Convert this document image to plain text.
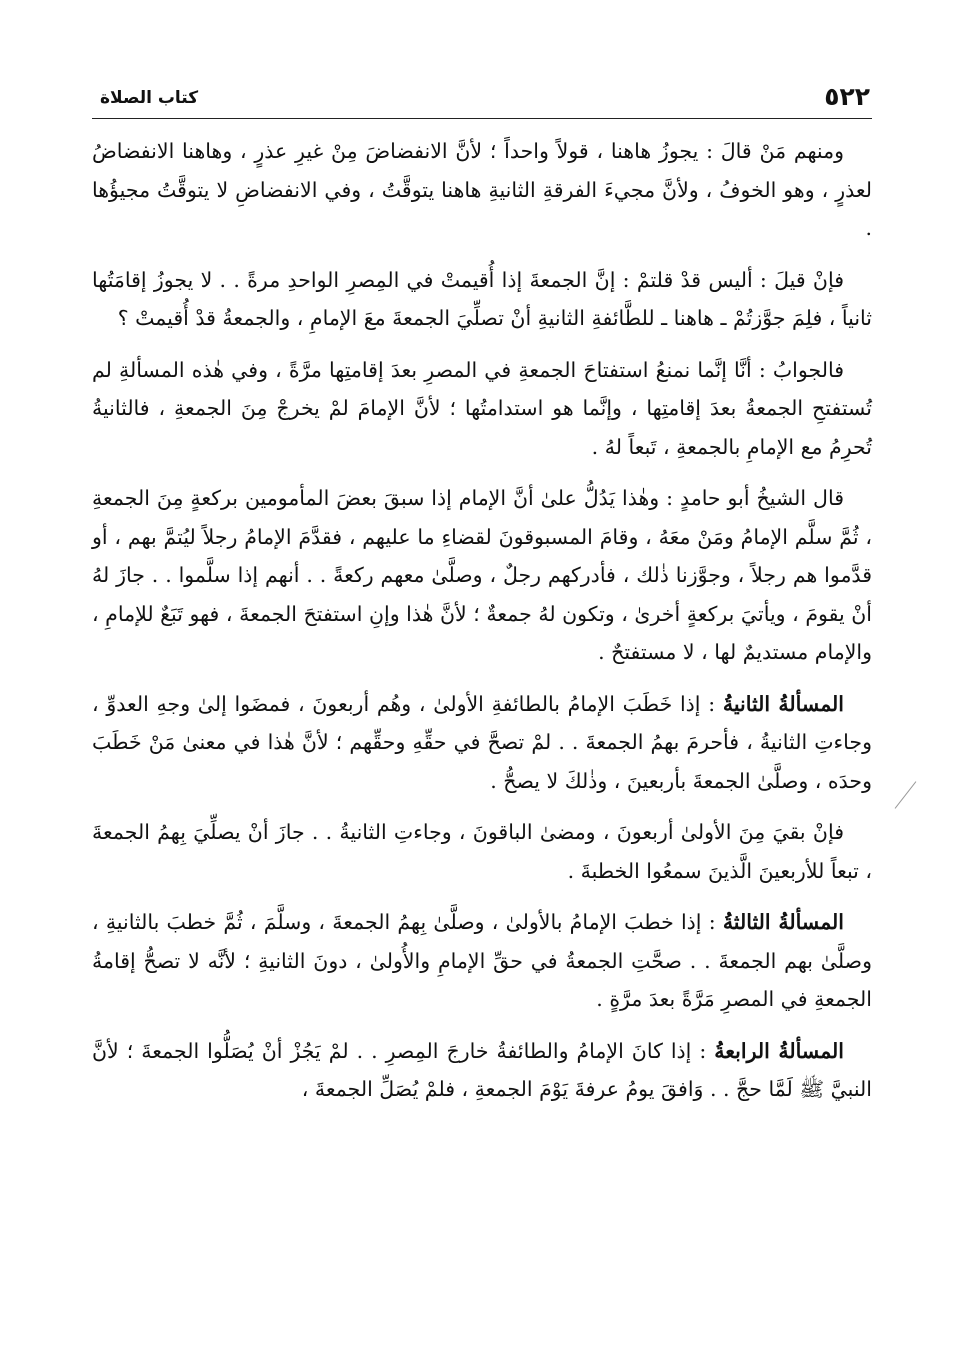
٥٢٢
كتاب الصلاة

ومنهم مَنْ قالَ : يجوزُ هاهنا ، قولاً واحداً ؛ لأنَّ الانفضاضَ مِنْ غيرِ عذرٍ ، وهاهنا الانفضاضُ لعذرٍ ، وهو الخوفُ ، ولأنَّ مجيءَ الفرقةِ الثانيةِ هاهنا يتوقَّتُ ، وفي الانفضاضِ لا يتوقَّتُ مجيؤُها .

فإنْ قيلَ : أليس قدْ قلتمْ : إنَّ الجمعةَ إذا أُقيمتْ في المِصرِ الواحدِ مرةً . . لا يجوزُ إقامَتُها ثانياً ، فلِمَ جوَّزتُمْ ـ هاهنا ـ للطَّائفةِ الثانيةِ أنْ تصلِّيَ الجمعةَ معَ الإمامِ ، والجمعةُ قدْ أُقيمتْ ؟

فالجوابُ : أنَّا إنَّما نمنعُ استفتاحَ الجمعةِ في المصرِ بعدَ إقامتِها مرَّةً ، وفي هٰذه المسألةِ لم تُستفتحِ الجمعةُ بعدَ إقامتِها ، وإنَّما هو استدامتُها ؛ لأنَّ الإمامَ لمْ يخرجْ مِنَ الجمعةِ ، فالثانيةُ تُحرِمُ مع الإمامِ بالجمعةِ ، تَبعاً لهُ .

قال الشيخُ أبو حامدٍ : وهٰذا يَدُلُّ علىٰ أنَّ الإمام إذا سبقَ بعضَ المأمومين بركعةٍ مِنَ الجمعةِ ، ثُمَّ سلَّم الإمامُ ومَنْ معَهُ ، وقامَ المسبوقونَ لقضاءِ ما عليهم ، فقدَّمَ الإمامُ رجلاً ليُتمَّ بهم ، أو قدَّموا هم رجلاً ، وجوَّزنا ذٰلك ، فأدركهم رجلٌ ، وصلَّىٰ معهم ركعةً . . أنهم إذا سلَّموا . . جازَ لهُ أنْ يقومَ ، ويأتيَ بركعةٍ أخرىٰ ، وتكون لهُ جمعةٌ ؛ لأنَّ هٰذا وإنِ استفتحَ الجمعةَ ، فهو تَبَعٌ للإمامِ ، والإمام مستديمٌ لها ، لا مستفتحٌ .

المسألةُ الثانيةُ : إذا خَطَبَ الإمامُ بالطائفةِ الأولىٰ ، وهُم أربعونَ ، فمضَوا إلىٰ وجهِ العدوِّ ، وجاءتِ الثانيةُ ، فأحرمَ بهمُ الجمعةَ . . لمْ تصحَّ في حقِّهِ وحقِّهم ؛ لأنَّ هٰذا في معنىٰ مَنْ خَطَبَ وحدَه ، وصلَّىٰ الجمعةَ بأربعينَ ، وذٰلكَ لا يصحُّ .

فإنْ بقيَ مِنَ الأولىٰ أربعونَ ، ومضىٰ الباقونَ ، وجاءتِ الثانيةُ . . جازَ أنْ يصلِّيَ بِهمُ الجمعةَ ، تبعاً للأربعينَ الَّذينَ سمعُوا الخطبةَ .

المسألةُ الثالثةُ : إذا خطبَ الإمامُ بالأولىٰ ، وصلَّىٰ بِهمُ الجمعةَ ، وسلَّمَ ، ثُمَّ خطبَ بالثانيةِ ، وصلَّىٰ بهم الجمعةَ . . صحَّتِ الجمعةُ في حقِّ الإمامِ والأُولىٰ ، دونَ الثانيةِ ؛ لأنَّه لا تصحُّ إقامةُ الجمعةِ في المصرِ مَرَّةً بعدَ مرَّةٍ .

المسألةُ الرابعةُ : إذا كانَ الإمامُ والطائفةُ خارجَ المِصرِ . . لمْ يَجُزْ أنْ يُصَلُّوا الجمعةَ ؛ لأنَّ النبيَّ ﷺ لَمَّا حجَّ . . وَافقَ يومُ عرفةَ يَوْمَ الجمعةِ ، فلمْ يُصَلِّ الجمعةَ ،
